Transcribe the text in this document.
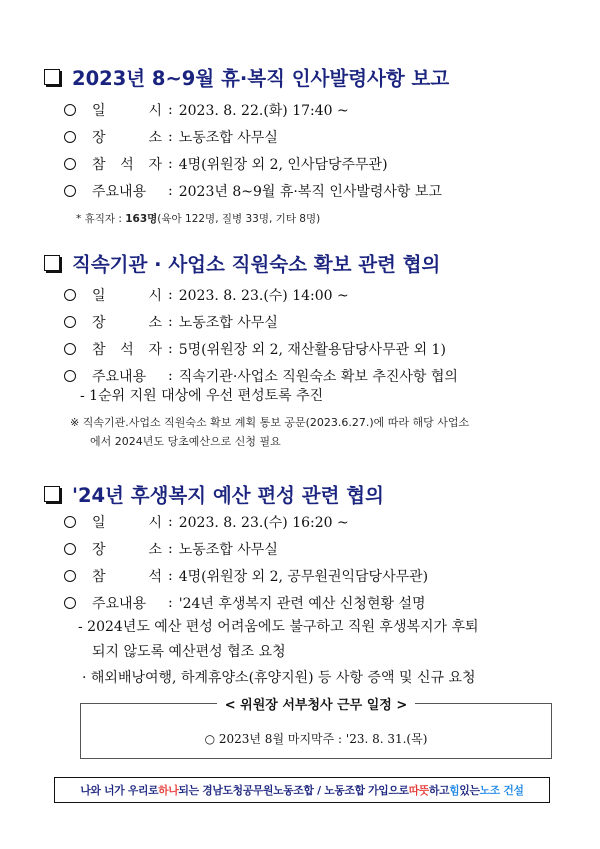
2023년 8~9월 휴·복직 인사발령사항 보고
일 시 : 2023. 8. 22.(화) 17:40 ~
장 소 : 노동조합 사무실
참 석 자 : 4명(위원장 외 2, 인사담당주무관)
주요내용	: 2023년 8~9월 휴·복직 인사발령사항 보고
* 휴직자 : 163명(육아 122명, 질병 33명, 기타 8명)
직속기관 · 사업소 직원숙소 확보 관련 협의
일 시 : 2023. 8. 23.(수) 14:00 ~
장 소 : 노동조합 사무실
참 석 자 : 5명(위원장 외 2, 재산활용담당사무관 외 1)
주요내용	: 직속기관·사업소 직원숙소 확보 추진사항 협의
- 1순위 지원 대상에 우선 편성토록 추진
※ 직속기관.사업소 직원숙소 확보 계획 통보 공문(2023.6.27.)에 따라 해당 사업소
에서 2024년도 당초예산으로 신청 필요
'24년 후생복지 예산 편성 관련 협의
일 시 : 2023. 8. 23.(수) 16:20 ~
장 소 : 노동조합 사무실
참 석 : 4명(위원장 외 2, 공무원권익담당사무관)
주요내용	: '24년 후생복지 관련 예산 신청현황 설명
- 2024년도 예산 편성 어려움에도 불구하고 직원 후생복지가 후퇴
되지 않도록 예산편성 협조 요청
· 해외배낭여행, 하계휴양소(휴양지원) 등 사항 증액 및 신규 요청
< 위원장 서부청사 근무 일정 >
○ 2023년 8월 마지막주 : '23. 8. 31.(목)
나와 너가 우리로 하나 되는 경남도청공무원노동조합 / 노동조합 가입으로 따뜻 하고 힘 있는 노조 건설
